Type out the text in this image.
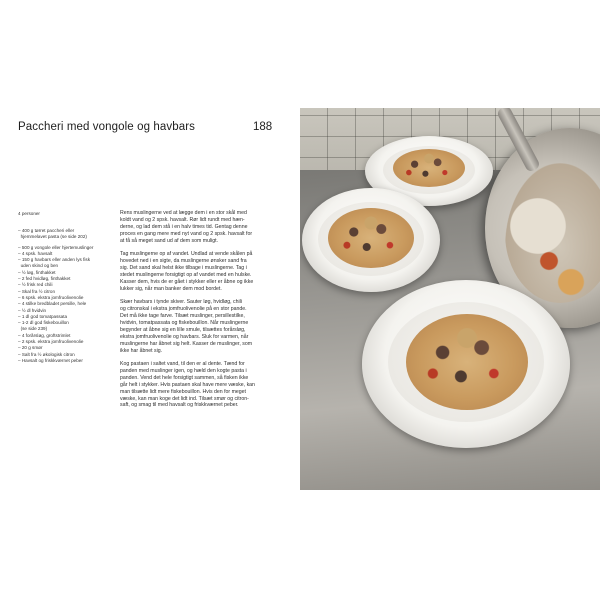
Paccheri med vongole og havbars	188
4 personer
– 400 g tørret paccheri eller
hjemmelavet pasta (se side 202)
– 500 g vongole eller hjertemuslinger
– 4 spsk. havsalt
– 150 g havbars eller anden lys fisk
uden skind og ben
– ½ løg, finthakket
– 2 fed hvidløg, finthakket
– ½ frisk red chili
– Skal fra ½ citron
– 6 spsk. ekstra jomfruolivenolie
– 4 stilke bredbladet persille, hele
– ½ dl hvidvin
– 1 dl god tomatpassata
– 1-2 dl god fiskebouillon
(se side 239)
– 4 forårsløg, groftstrimlet
– 2 spsk. ekstra jomfruolivenolie
– 20 g smør
– Salt fra ½ økologisk citron
– Havsalt og friskkværnet peber

Rens muslingerne ved at lægge dem i en stor skål med
koldt vand og 2 spsk. havsalt. Rør lidt rundt med hæn-
derne, og lad dem stå i en halv times tid. Gentag denne
proces en gang mere med nyt vand og 2 spsk. havsalt for
at få så meget sand ud af dem som muligt.

Tag muslingerne op af vandet. Undlad at vende skålen på
hovedet ned i en sigte, da muslingerne ønsker sand fra
sig. Det sand skal helst ikke tilbage i muslingerne. Tag i
stedet muslingerne forsigtigt op af vandet med en hulske.
Kasser dem, hvis de er gået i stykker eller er åbne og ikke
lukker sig, når man banker dem mod bordet.

Skær havbars i tynde skiver. Sauter løg, hvidløg, chili
og citronskal i ekstra jomfruolivenolie på en stor pande.
Det må ikke tage farve. Tilsæt muslinger, persillestilke,
hvidvin, tomatpassata og fiskebouillon. Når muslingerne
begynder at åbne sig en lille smule, tilsættes forårsløg,
ekstra jomfruolivenolie og havbars. Sluk for varmen, når
muslingerne har åbnet sig helt. Kasser de muslinger, som
ikke har åbnet sig.

Kog pastaen i saltet vand, til den er al dente. Tænd for
panden med muslinger igen, og hæld den kogte pasta i
panden. Vend det hele forsigtigt sammen, så fisken ikke
går helt i stykker. Hvis pastaen skal have mere væske, kan
man tilsætte lidt mere fiskebouillon. Hvis den for meget
væske, kan man koge det lidt ind. Tilsæt smør og citron-
saft, og smag til med havsalt og friskkværnet peber.
